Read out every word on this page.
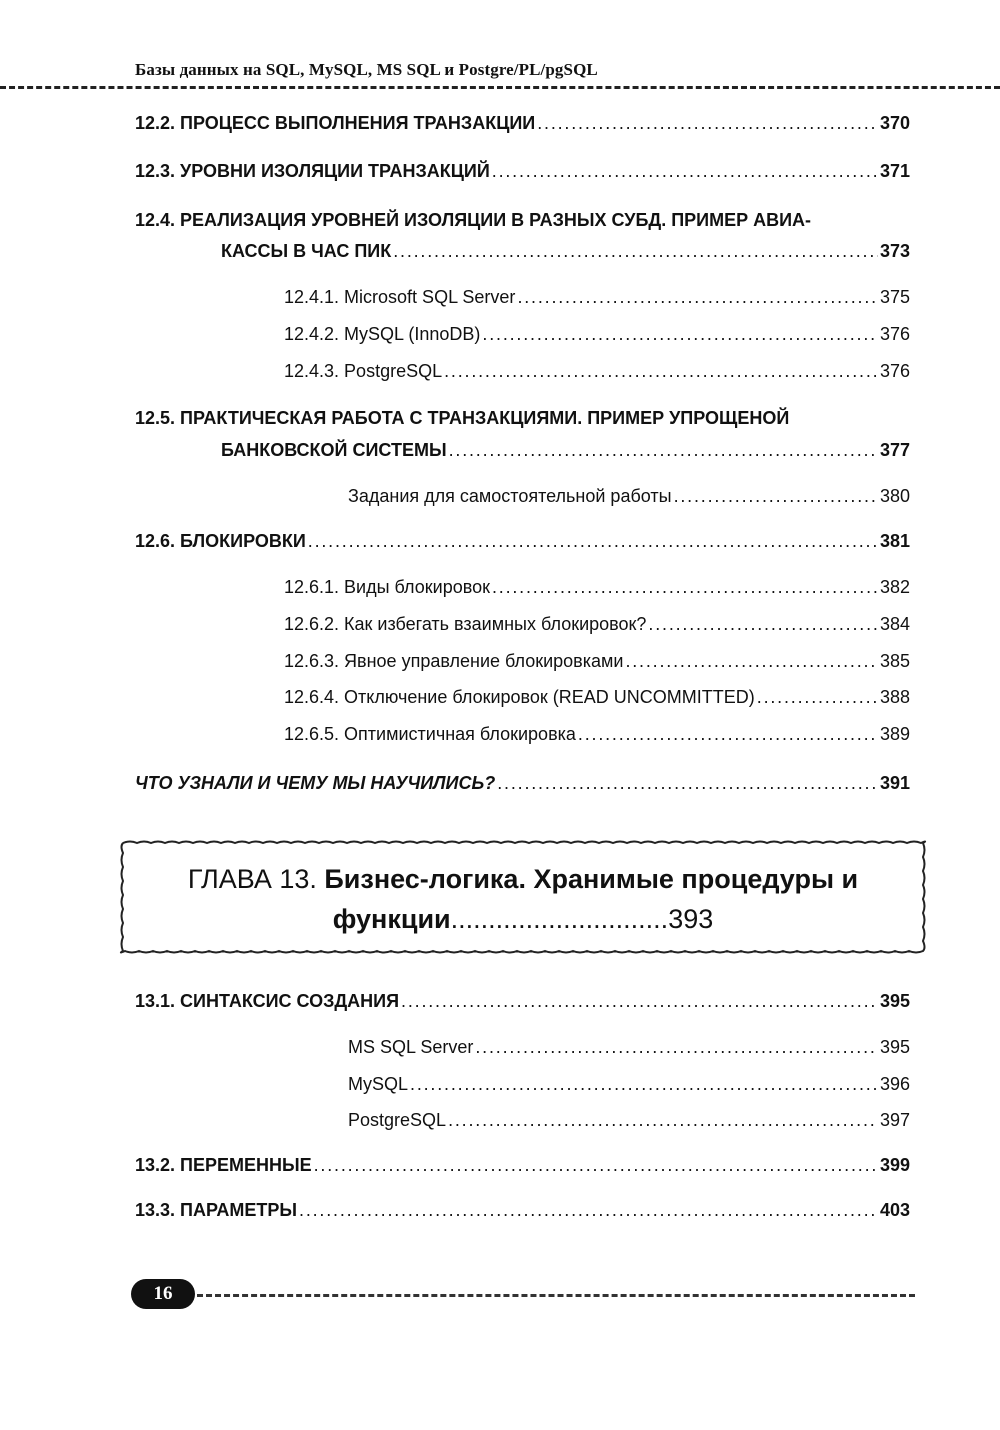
Базы данных на SQL, MySQL, MS SQL и Postgre/PL/pgSQL
12.2. ПРОЦЕСС ВЫПОЛНЕНИЯ ТРАНЗАКЦИИ . . .	370
12.3. УРОВНИ ИЗОЛЯЦИИ ТРАНЗАКЦИЙ . . .	371
12.4. РЕАЛИЗАЦИЯ УРОВНЕЙ ИЗОЛЯЦИИ В РАЗНЫХ СУБД. ПРИМЕР АВИА-
КАССЫ В ЧАС ПИК . . .	373
12.4.1. Microsoft SQL Server . . .	375
12.4.2. MySQL (InnoDB) . . .	376
12.4.3. PostgreSQL . . .	376
12.5. ПРАКТИЧЕСКАЯ РАБОТА С ТРАНЗАКЦИЯМИ. ПРИМЕР УПРОЩЕНОЙ
БАНКОВСКОЙ СИСТЕМЫ . . .	377
Задания для самостоятельной работы . . .	380
12.6. БЛОКИРОВКИ . . .	381
12.6.1. Виды блокировок . . .	382
12.6.2. Как избегать взаимных блокировок? . . .	384
12.6.3. Явное управление блокировками . . .	385
12.6.4. Отключение блокировок (READ UNCOMMITTED) . . .	388
12.6.5. Оптимистичная блокировка . . .	389
ЧТО УЗНАЛИ И ЧЕМУ МЫ НАУЧИЛИСЬ? . . .	391
ГЛАВА 13. Бизнес-логика. Хранимые процедуры и
функции.............................393
13.1. СИНТАКСИС СОЗДАНИЯ . . .	395
MS SQL Server . . .	395
MySQL . . .	396
PostgreSQL . . .	397
13.2. ПЕРЕМЕННЫЕ . . .	399
13.3. ПАРАМЕТРЫ . . .	403
16
